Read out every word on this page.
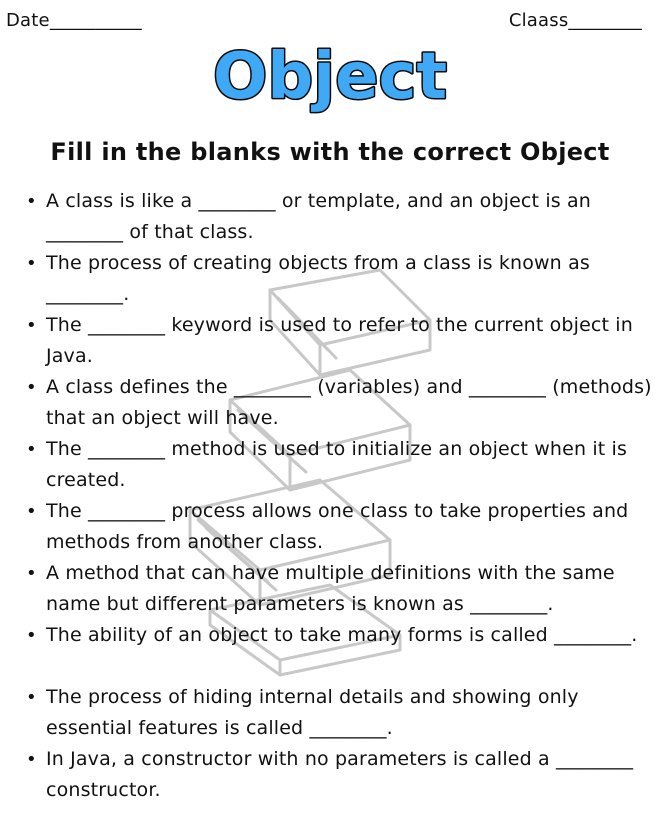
Date__________	Claass________
Object
Fill in the blanks with the correct Object
• A class is like a ________ or template, and an object is an ________ of that class.
• The process of creating objects from a class is known as ________.
• The ________ keyword is used to refer to the current object in Java.
• A class defines the ________ (variables) and ________ (methods) that an object will have.
• The ________ method is used to initialize an object when it is created.
• The ________ process allows one class to take properties and methods from another class.
• A method that can have multiple definitions with the same name but different parameters is known as ________.
• The ability of an object to take many forms is called ________.
• The process of hiding internal details and showing only essential features is called ________.
• In Java, a constructor with no parameters is called a ________ constructor.
